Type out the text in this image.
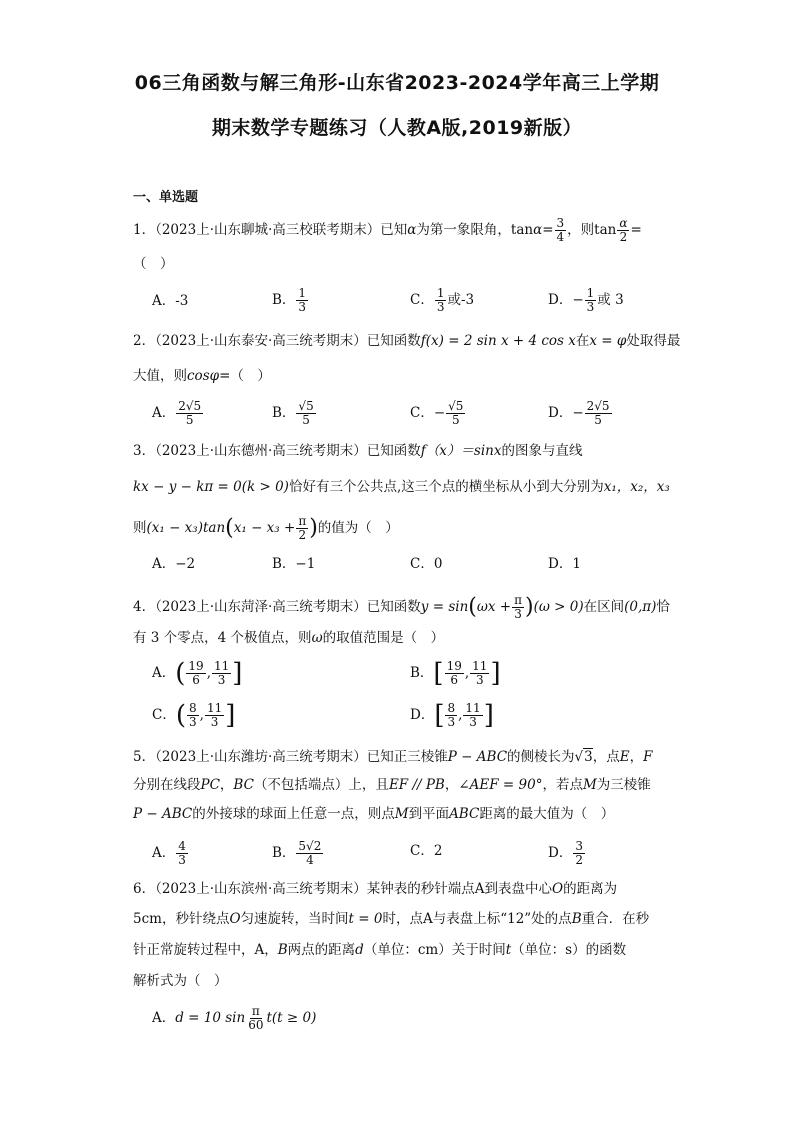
06三角函数与解三角形-山东省2023-2024学年高三上学期
期末数学专题练习（人教A版,2019新版）
一、单选题
1．（2023上·山东聊城·高三校联考期末）已知α为第一象限角，$\tan\alpha= \frac{3}{4}$ ，则$\tan \frac{\alpha}{2}$ =
（　）
A．-3	B． $\frac{1}{3}$	C． $\frac{1}{3}$ 或-3	D．− $\frac{1}{3}$ 或 3
2．（2023上·山东泰安·高三统考期末）已知函数f(x) = 2 sin x + 4 cos x在x = φ处取得最
大值，则cosφ=（　）
A． $\frac{2√5}{5}$	B． $\frac{√5}{5}$	C．− $\frac{√5}{5}$	D．− $\frac{2√5}{5}$
3．（2023上·山东德州·高三统考期末）已知函数f（x）＝sinx的图象与直线
kx − y − kπ = 0(k > 0)恰好有三个公共点,这三个点的横坐标从小到大分别为x₁，x₂，x₃
则$(x_1 - x_3)\tan(x_1 - x_3 + \frac{\pi}{2}$ )的值为（　）
A．−2	B．−1	C．0	D．1
4．（2023上·山东菏泽·高三统考期末）已知函数$y = \sin(\omega x + \frac{\pi}{3} )(\omega > 0)$在区间(0,π)恰
有 3 个零点，4 个极值点，则ω的取值范围是（　）
A．( $\frac{19}{6}$ , $\frac{11}{3}$ ]	B．[ $\frac{19}{6}$ , $\frac{11}{3}$ ]
C．( $\frac{8}{3}$ , $\frac{11}{3}$ ]	D．[ $\frac{8}{3}$ , $\frac{11}{3}$ ]
5．（2023上·山东潍坊·高三统考期末）已知正三棱锥P − ABC的侧棱长为√3，点E，F
分别在线段PC，BC（不包括端点）上，且EF // PB，∠AEF = 90°，若点M为三棱锥
P − ABC的外接球的球面上任意一点，则点M到平面ABC距离的最大值为（　）
A． $\frac{4}{3}$	B． $\frac{5√2}{4}$	C．2	D． $\frac{3}{2}$
6．（2023上·山东滨州·高三统考期末）某钟表的秒针端点A到表盘中心O的距离为
5cm，秒针绕点O匀速旋转，当时间t = 0时，点A与表盘上标“12”处的点B重合．在秒
针正常旋转过程中，A，B两点的距离d（单位：cm）关于时间t（单位：s）的函数
解析式为（　）
A．d = 10 $\sin \frac{\pi}{60} t(t \ge 0)$
